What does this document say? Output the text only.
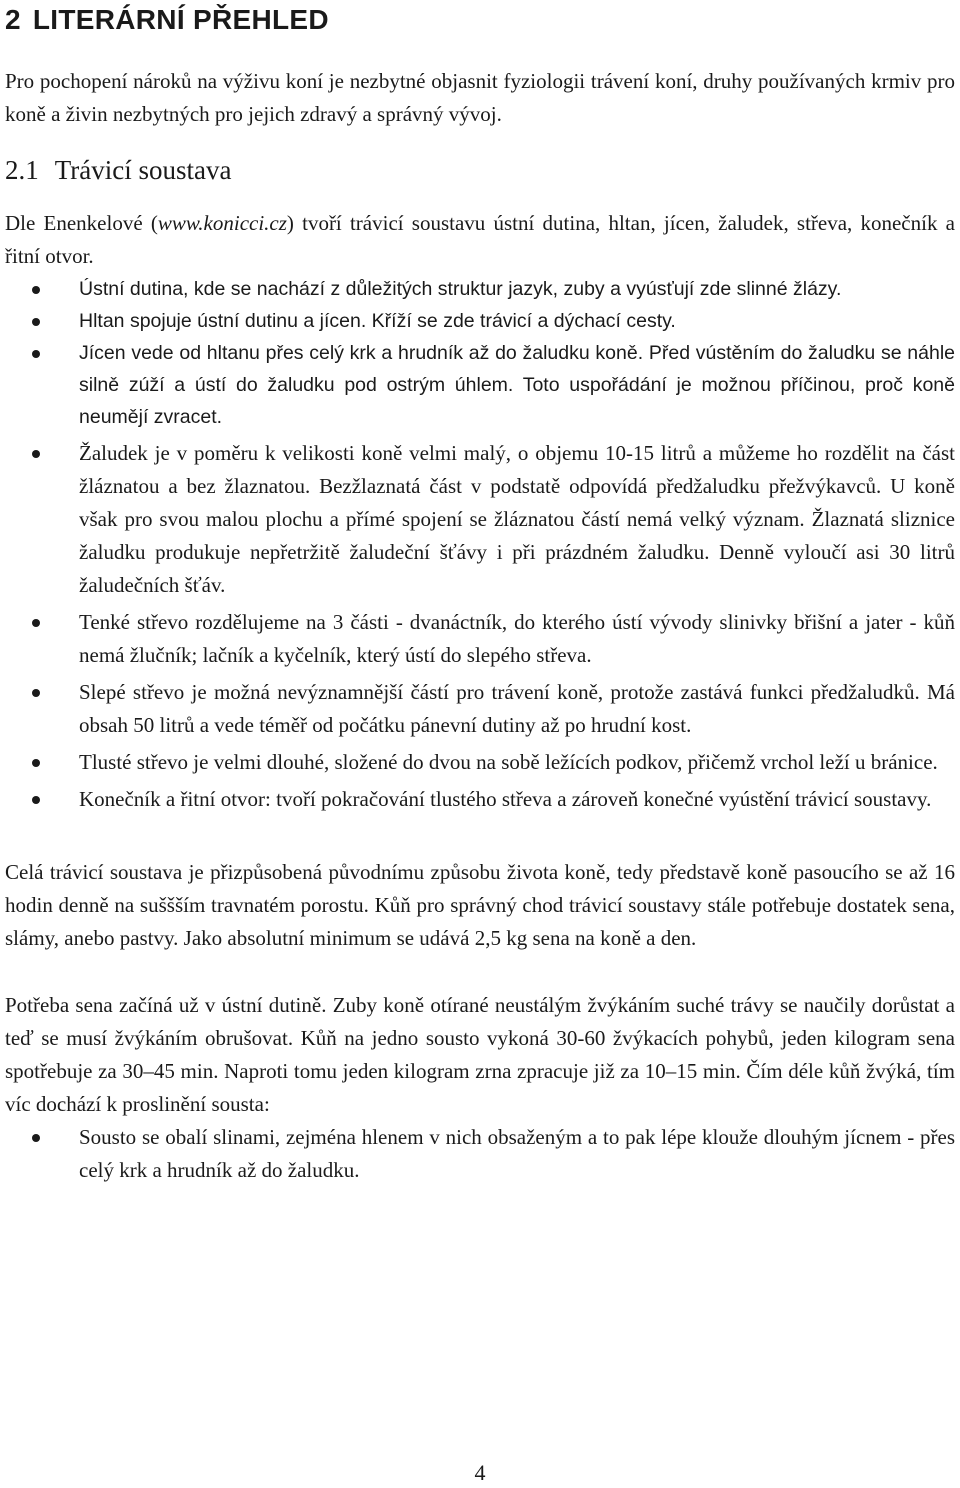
2 LITERÁRNÍ PŘEHLED

Pro pochopení nároků na výživu koní je nezbytné objasnit fyziologii trávení koní, druhy používaných krmiv pro koně a živin nezbytných pro jejich zdravý a správný vývoj.

2.1 Trávicí soustava

Dle Enenkelové (www.konicci.cz) tvoří trávicí soustavu ústní dutina, hltan, jícen, žaludek, střeva, konečník a řitní otvor.

Ústní dutina, kde se nachází z důležitých struktur jazyk, zuby a vyúsťují zde slinné žlázy.
Hltan spojuje ústní dutinu a jícen. Kříží se zde trávicí a dýchací cesty.
Jícen vede od hltanu přes celý krk a hrudník až do žaludku koně. Před vústěním do žaludku se náhle silně zúží a ústí do žaludku pod ostrým úhlem. Toto uspořádání je možnou příčinou, proč koně neumějí zvracet.
Žaludek je v poměru k velikosti koně velmi malý, o objemu 10-15 litrů a můžeme ho rozdělit na část žláznatou a bez žlaznatou. Bezžlaznatá část v podstatě odpovídá předžaludku přežvýkavců. U koně však pro svou malou plochu a přímé spojení se žláznatou částí nemá velký význam. Žlaznatá sliznice žaludku produkuje nepřetržitě žaludeční šťávy i při prázdném žaludku. Denně vyloučí asi 30 litrů žaludečních šťáv.
Tenké střevo rozdělujeme na 3 části - dvanáctník, do kterého ústí vývody slinivky břišní a jater - kůň nemá žlučník; lačník a kyčelník, který ústí do slepého střeva.
Slepé střevo je možná nevýznamnější částí pro trávení koně, protože zastává funkci předžaludků. Má obsah 50 litrů a vede téměř od počátku pánevní dutiny až po hrudní kost.
Tlusté střevo je velmi dlouhé, složené do dvou na sobě ležících podkov, přičemž vrchol leží u bránice.
Konečník a řitní otvor: tvoří pokračování tlustého střeva a zároveň konečné vyústění trávicí soustavy.

Celá trávicí soustava je přizpůsobená původnímu způsobu života koně, tedy představě koně pasoucího se až 16 hodin denně na suššším travnatém porostu. Kůň pro správný chod trávicí soustavy stále potřebuje dostatek sena, slámy, anebo pastvy. Jako absolutní minimum se udává 2,5 kg sena na koně a den.

Potřeba sena začíná už v ústní dutině. Zuby koně otírané neustálým žvýkáním suché trávy se naučily dorůstat a teď se musí žvýkáním obrušovat. Kůň na jedno sousto vykoná 30-60 žvýkacích pohybů, jeden kilogram sena spotřebuje za 30–45 min. Naproti tomu jeden kilogram zrna zpracuje již za 10–15 min. Čím déle kůň žvýká, tím víc dochází k proslinění sousta:

Sousto se obalí slinami, zejména hlenem v nich obsaženým a to pak lépe klouže dlouhým jícnem - přes celý krk a hrudník až do žaludku.
4
